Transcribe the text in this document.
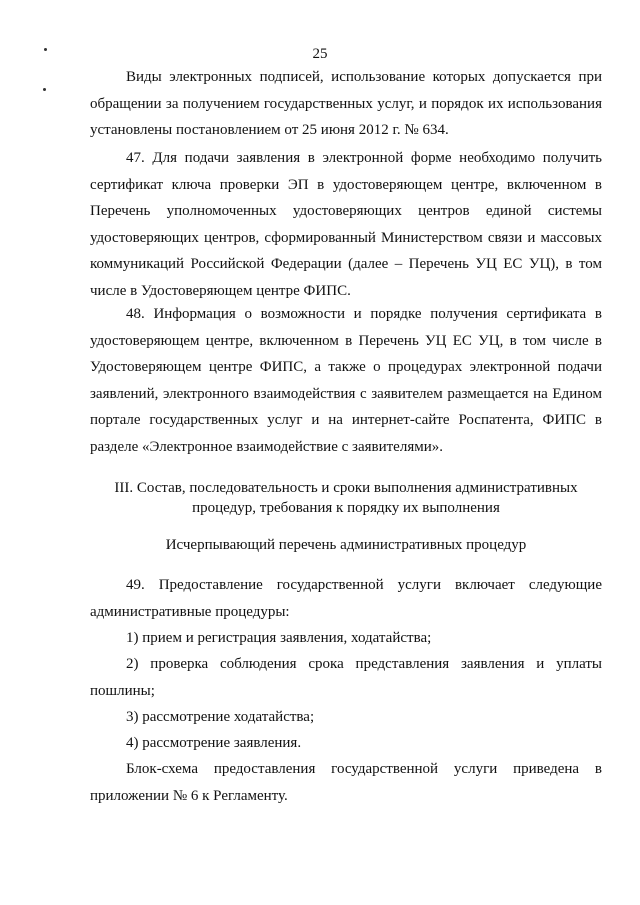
25

Виды электронных подписей, использование которых допускается при обращении за получением государственных услуг, и порядок их использования установлены постановлением от 25 июня 2012 г. № 634.

47. Для подачи заявления в электронной форме необходимо получить сертификат ключа проверки ЭП в удостоверяющем центре, включенном в Перечень уполномоченных удостоверяющих центров единой системы удостоверяющих центров, сформированный Министерством связи и массовых коммуникаций Российской Федерации (далее – Перечень УЦ ЕС УЦ), в том числе в Удостоверяющем центре ФИПС.

48. Информация о возможности и порядке получения сертификата в удостоверяющем центре, включенном в Перечень УЦ ЕС УЦ, в том числе в Удостоверяющем центре ФИПС, а также о процедурах электронной подачи заявлений, электронного взаимодействия с заявителем размещается на Едином портале государственных услуг и на интернет-сайте Роспатента, ФИПС в разделе «Электронное взаимодействие с заявителями».

III. Состав, последовательность и сроки выполнения административных
процедур, требования к порядку их выполнения
Исчерпывающий перечень административных процедур

49. Предоставление государственной услуги включает следующие административные процедуры:

1) прием и регистрация заявления, ходатайства;

2) проверка соблюдения срока представления заявления и уплаты пошлины;

3) рассмотрение ходатайства;

4) рассмотрение заявления.

Блок-схема предоставления государственной услуги приведена в приложении № 6 к Регламенту.
